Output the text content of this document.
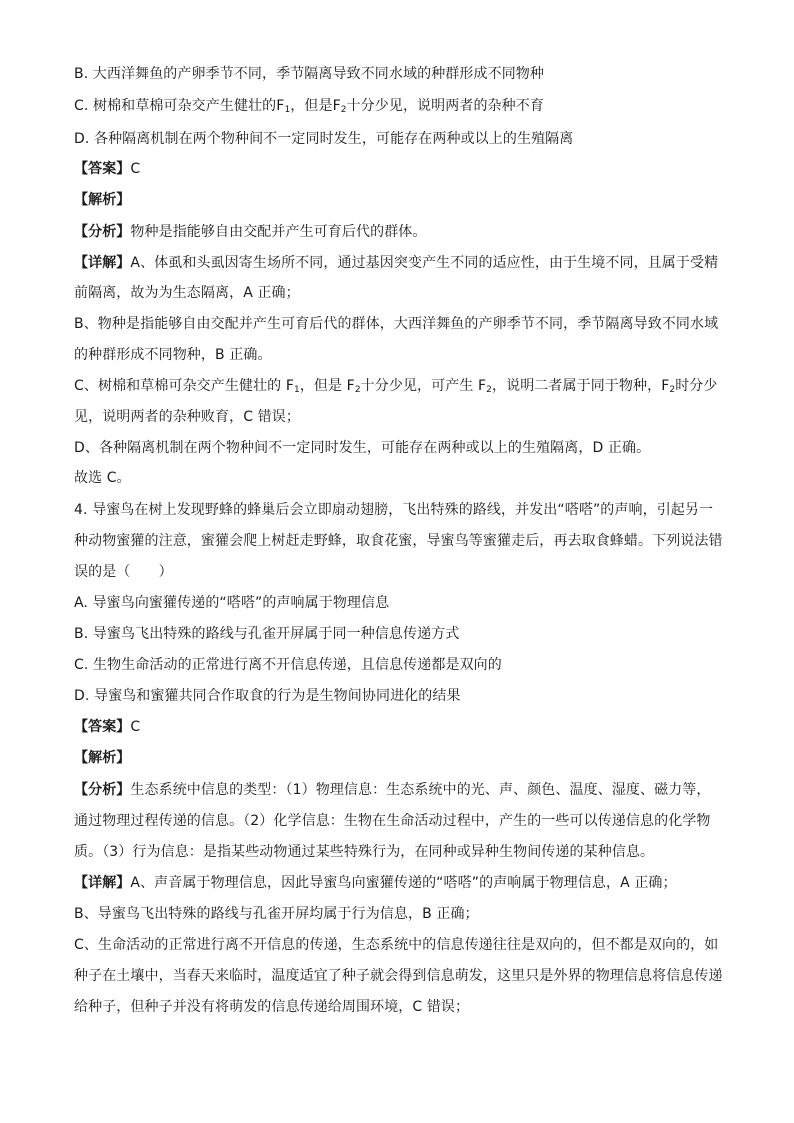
B. 大西洋舞鱼的产卵季节不同，季节隔离导致不同水域的种群形成不同物种
C. 树棉和草棉可杂交产生健壮的$F_1$，但是$F_2$十分少见，说明两者的杂种不育
D. 各种隔离机制在两个物种间不一定同时发生，可能存在两种或以上的生殖隔离
【答案】C
【解析】
【分析】物种是指能够自由交配并产生可育后代的群体。
【详解】A、体虱和头虱因寄生场所不同，通过基因突变产生不同的适应性，由于生境不同，且属于受精
前隔离，故为为生态隔离，A 正确；
B、物种是指能够自由交配并产生可育后代的群体，大西洋舞鱼的产卵季节不同，季节隔离导致不同水域
的种群形成不同物种，B 正确。
C、树棉和草棉可杂交产生健壮的 $F_1$，但是 $F_2$十分少见，可产生 $F_2$，说明二者属于同于物种，$F_2$时分少
见，说明两者的杂种败育，C 错误；
D、各种隔离机制在两个物种间不一定同时发生，可能存在两种或以上的生殖隔离，D 正确。
故选 C。
4. 导蜜鸟在树上发现野蜂的蜂巢后会立即扇动翅膀，飞出特殊的路线，并发出“嗒嗒”的声响，引起另一
种动物蜜獾的注意，蜜獾会爬上树赶走野蜂，取食花蜜，导蜜鸟等蜜獾走后，再去取食蜂蜡。下列说法错
误的是（　　）
A. 导蜜鸟向蜜獾传递的“嗒嗒”的声响属于物理信息
B. 导蜜鸟飞出特殊的路线与孔雀开屏属于同一种信息传递方式
C. 生物生命活动的正常进行离不开信息传递，且信息传递都是双向的
D. 导蜜鸟和蜜獾共同合作取食的行为是生物间协同进化的结果
【答案】C
【解析】
【分析】生态系统中信息的类型：（1）物理信息：生态系统中的光、声、颜色、温度、湿度、磁力等，
通过物理过程传递的信息。（2）化学信息：生物在生命活动过程中，产生的一些可以传递信息的化学物
质。（3）行为信息：是指某些动物通过某些特殊行为，在同种或异种生物间传递的某种信息。
【详解】A、声音属于物理信息，因此导蜜鸟向蜜獾传递的“嗒嗒”的声响属于物理信息，A 正确；
B、导蜜鸟飞出特殊的路线与孔雀开屏均属于行为信息，B 正确；
C、生命活动的正常进行离不开信息的传递，生态系统中的信息传递往往是双向的，但不都是双向的，如
种子在土壤中，当春天来临时，温度适宜了种子就会得到信息萌发，这里只是外界的物理信息将信息传递
给种子，但种子并没有将萌发的信息传递给周围环境，C 错误；
